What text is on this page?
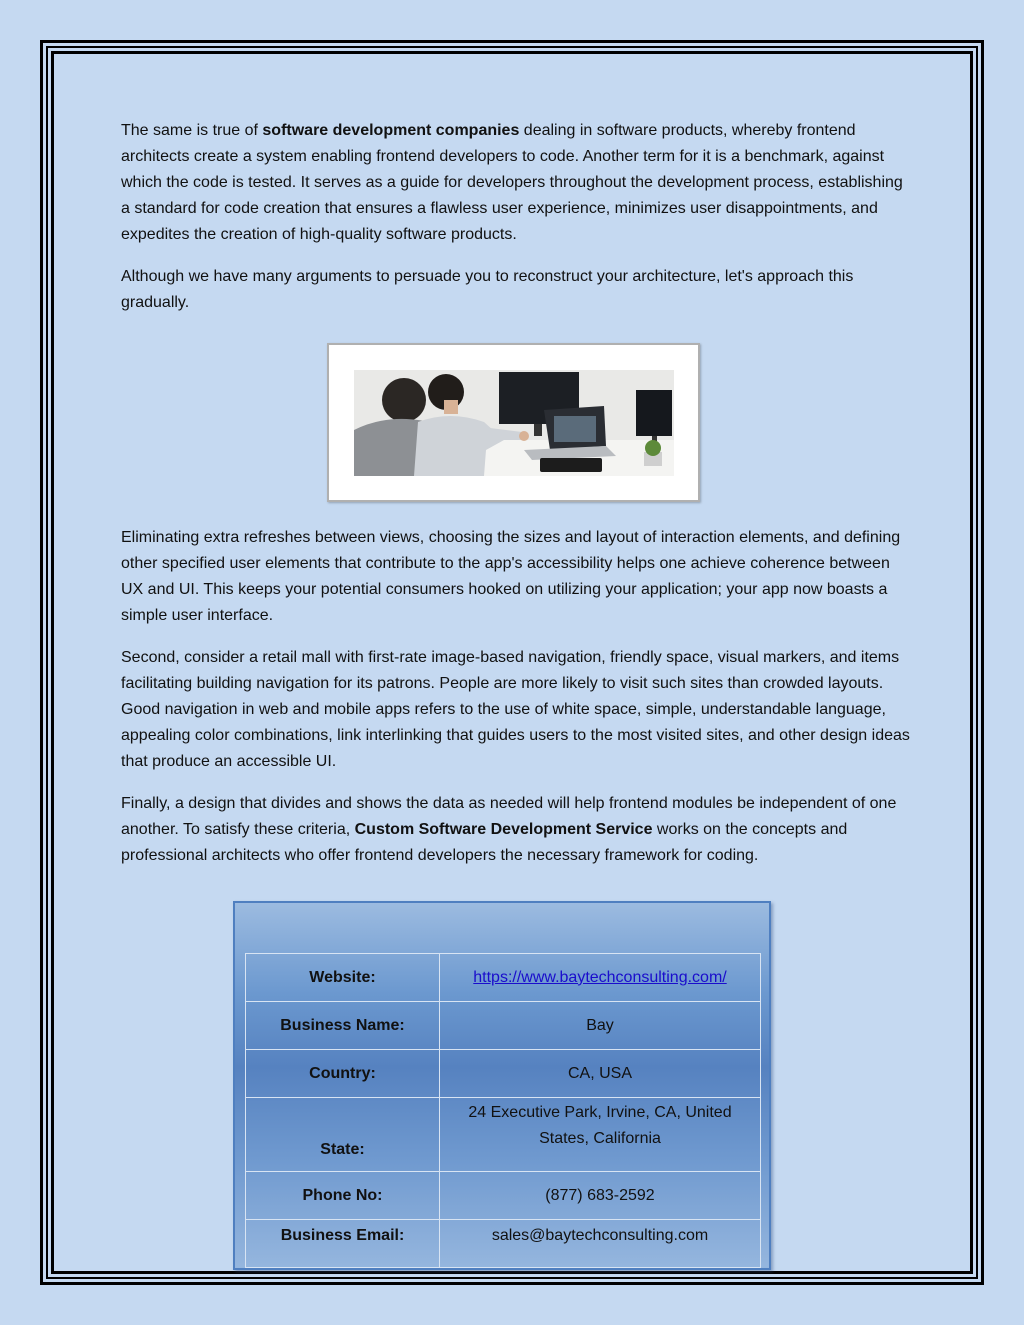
The same is true of software development companies dealing in software products, whereby frontend architects create a system enabling frontend developers to code. Another term for it is a benchmark, against which the code is tested. It serves as a guide for developers throughout the development process, establishing a standard for code creation that ensures a flawless user experience, minimizes user disappointments, and expedites the creation of high-quality software products.

Although we have many arguments to persuade you to reconstruct your architecture, let's approach this gradually.

Eliminating extra refreshes between views, choosing the sizes and layout of interaction elements, and defining other specified user elements that contribute to the app's accessibility helps one achieve coherence between UX and UI. This keeps your potential consumers hooked on utilizing your application; your app now boasts a simple user interface.

Second, consider a retail mall with first-rate image-based navigation, friendly space, visual markers, and items facilitating building navigation for its patrons. People are more likely to visit such sites than crowded layouts. Good navigation in web and mobile apps refers to the use of white space, simple, understandable language, appealing color combinations, link interlinking that guides users to the most visited sites, and other design ideas that produce an accessible UI.

Finally, a design that divides and shows the data as needed will help frontend modules be independent of one another. To satisfy these criteria, Custom Software Development Service works on the concepts and professional architects who offer frontend developers the necessary framework for coding.

Website:	https://www.baytechconsulting.com/
Business Name:	Bay
Country:	CA, USA
State:	24 Executive Park, Irvine, CA, United States, California
Phone No:	(877) 683-2592
Business Email:	sales@baytechconsulting.com
